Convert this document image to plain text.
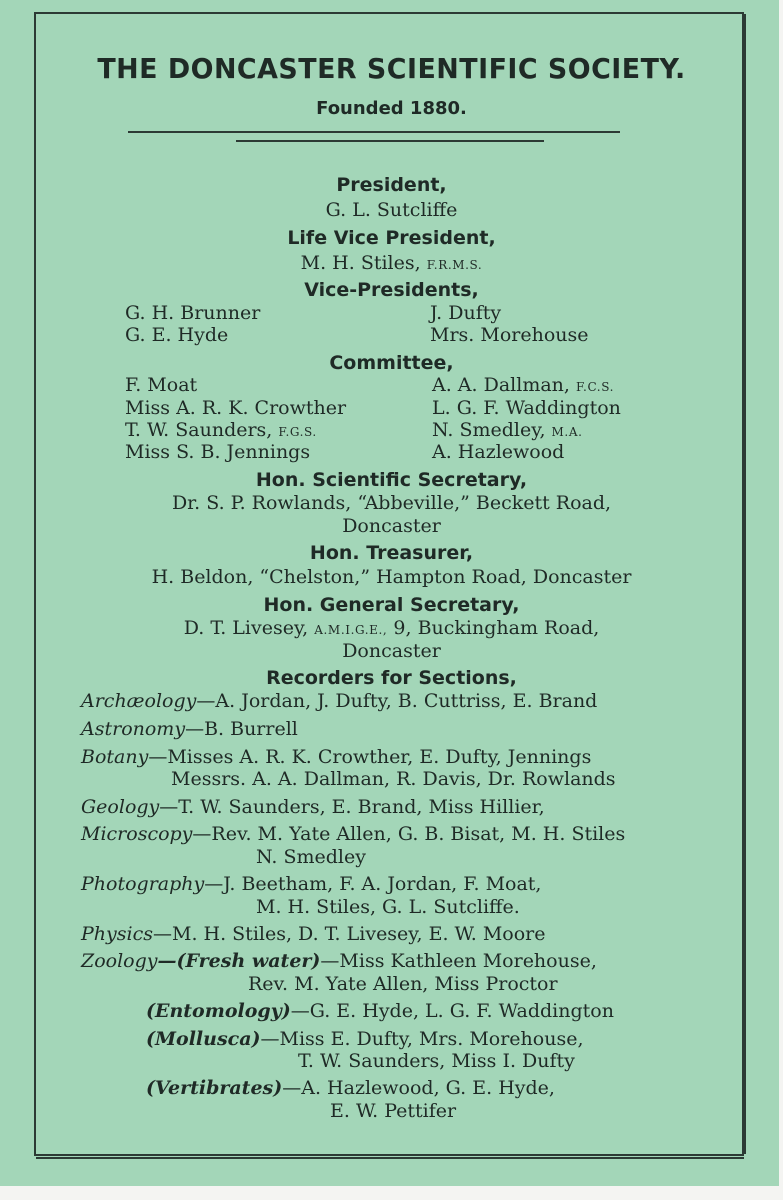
THE DONCASTER SCIENTIFIC SOCIETY.
Founded 1880.
President,
G. L. Sutcliffe
Life Vice President,
M. H. Stiles, F.R.M.S.
Vice-Presidents,
G. H. Brunner
G. E. Hyde
J. Dufty
Mrs. Morehouse
Committee,
F. Moat
Miss A. R. K. Crowther
T. W. Saunders, F.G.S.
Miss S. B. Jennings
A. A. Dallman, F.C.S.
L. G. F. Waddington
N. Smedley, M.A.
A. Hazlewood
Hon. Scientific Secretary,
Dr. S. P. Rowlands, “Abbeville,” Beckett Road,
Doncaster
Hon. Treasurer,
H. Beldon, “Chelston,” Hampton Road, Doncaster
Hon. General Secretary,
D. T. Livesey, A.M.I.G.E., 9, Buckingham Road,
Doncaster
Recorders for Sections,
Archæology—A. Jordan, J. Dufty, B. Cuttriss, E. Brand
Astronomy—B. Burrell
Botany—Misses A. R. K. Crowther, E. Dufty, Jennings
Messrs. A. A. Dallman, R. Davis, Dr. Rowlands
Geology—T. W. Saunders, E. Brand, Miss Hillier,
Microscopy—Rev. M. Yate Allen, G. B. Bisat, M. H. Stiles
N. Smedley
Photography—J. Beetham, F. A. Jordan, F. Moat,
M. H. Stiles, G. L. Sutcliffe.
Physics—M. H. Stiles, D. T. Livesey, E. W. Moore
Zoology—(Fresh water)—Miss Kathleen Morehouse,
Rev. M. Yate Allen, Miss Proctor
(Entomology)—G. E. Hyde, L. G. F. Waddington
(Mollusca)—Miss E. Dufty, Mrs. Morehouse,
T. W. Saunders, Miss I. Dufty
(Vertibrates)—A. Hazlewood, G. E. Hyde,
E. W. Pettifer
